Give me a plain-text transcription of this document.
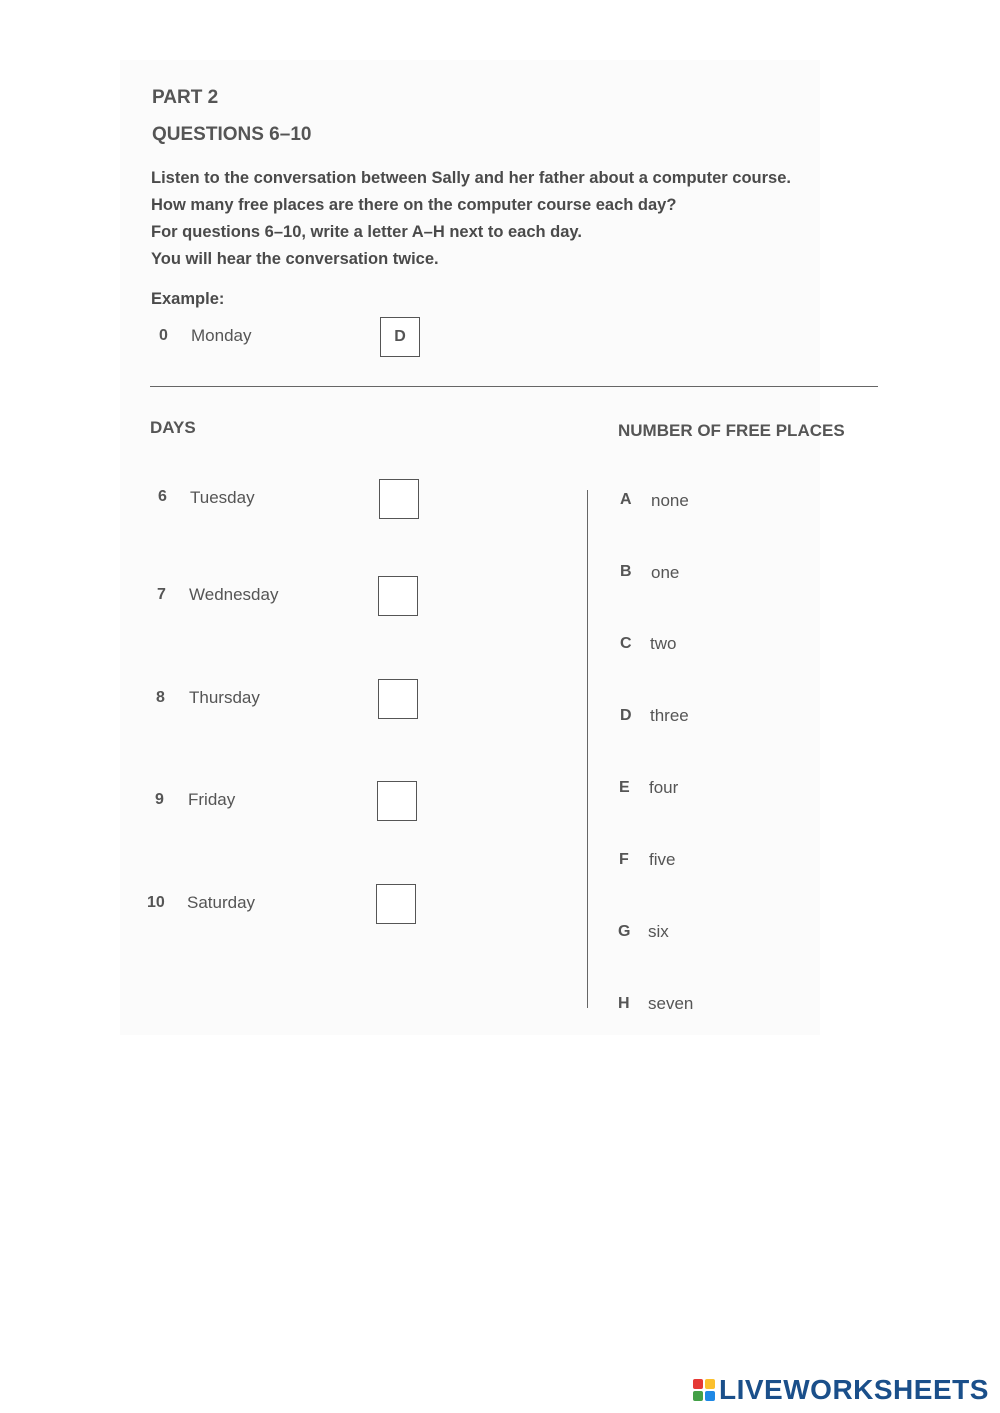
PART 2
QUESTIONS 6–10
Listen to the conversation between Sally and her father about a computer course.
How many free places are there on the computer course each day?
For questions 6–10, write a letter A–H next to each day.
You will hear the conversation twice.
Example:
0 Monday	D
DAYS	NUMBER OF FREE PLACES
6 Tuesday
7 Wednesday
8 Thursday
9 Friday
10 Saturday
A none
B one
C two
D three
E four
F five
G six
H seven
LIVEWORKSHEETS
